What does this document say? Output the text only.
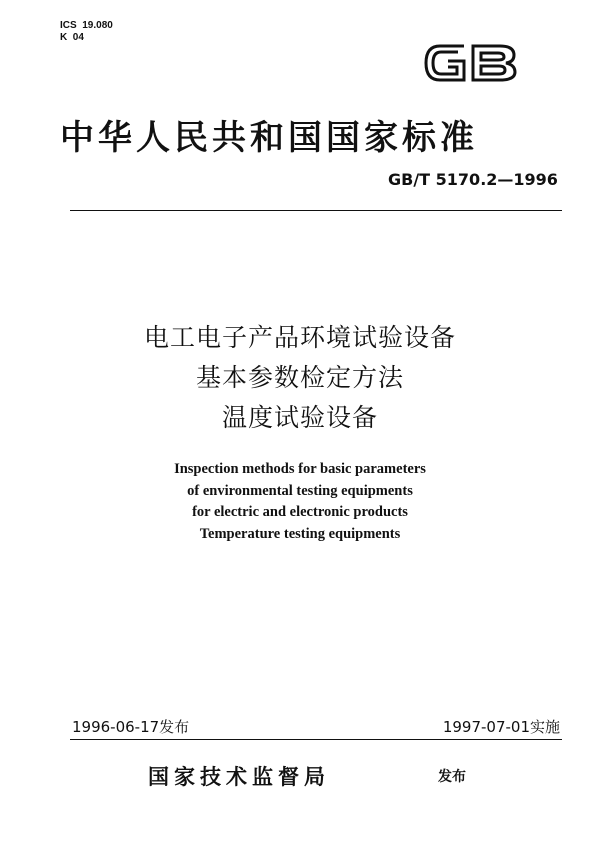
ICS  19.080
K  04
中华人民共和国国家标准
GB/T 5170.2—1996
电工电子产品环境试验设备
基本参数检定方法
温度试验设备
Inspection methods for basic parameters
of environmental testing equipments
for electric and electronic products
Temperature testing equipments
1996-06-17发布	1997-07-01实施
国家技术监督局	发布
